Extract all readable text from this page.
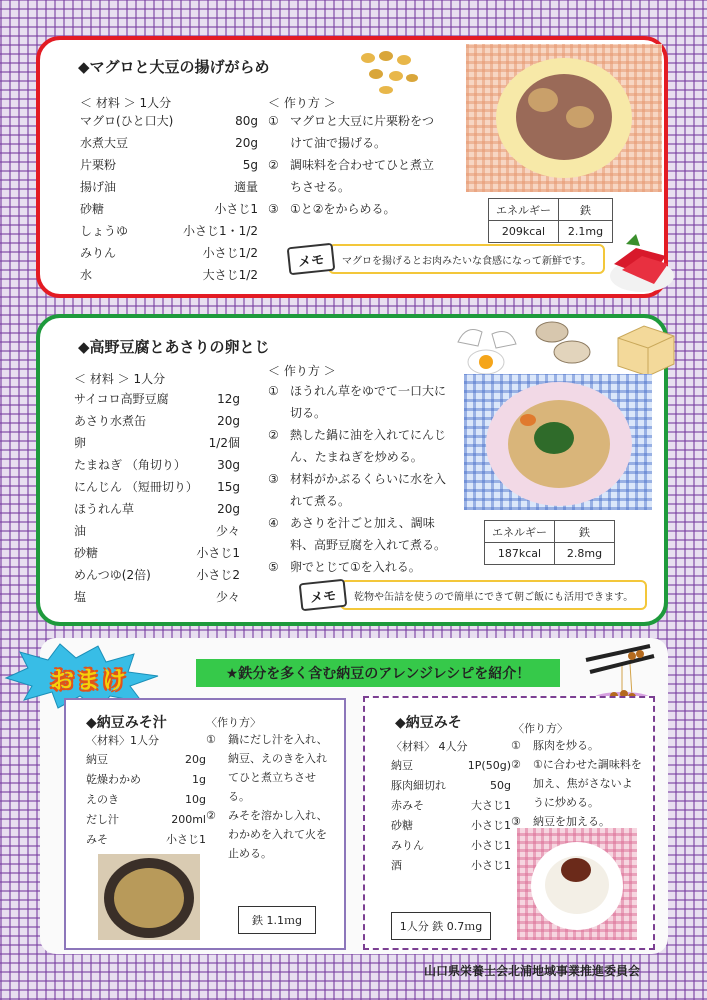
◆マグロと大豆の揚げがらめ
＜ 材料 ＞ 1人分
マグロ(ひと口大)	80g
水煮大豆	20g
片栗粉	5g
揚げ油	適量
砂糖	小さじ1
しょうゆ	小さじ1・1/2
みりん	小さじ1/2
水	大さじ1/2
＜ 作り方 ＞
① マグロと大豆に片栗粉をつけて油で揚げる。
② 調味料を合わせてひと煮立ちさせる。
③ ①と②をからめる。	エネルギー	鉄
209kcal	2.1mg
メモ	マグロを揚げるとお肉みたいな食感になって新鮮です。
◆高野豆腐とあさりの卵とじ
＜ 材料 ＞ 1人分
サイコロ高野豆腐	12g
あさり水煮缶	20g
卵	1/2個
たまねぎ （角切り）	30g
にんじん （短冊切り） 15g
ほうれん草	20g
油	少々
砂糖	小さじ1
めんつゆ(2倍)	小さじ2
塩	少々
＜ 作り方 ＞
① ほうれん草をゆでて一口大に切る。
② 熱した鍋に油を入れてにんじん、たまねぎを炒める。
③ 材料がかぶるくらいに水を入れて煮る。
④ あさりを汁ごと加え、調味料、高野豆腐を入れて煮る。
⑤ 卵でとじて①を入れる。
エネルギー	鉄
187kcal	2.8mg
メモ	乾物や缶詰を使うので簡単にできて朝ご飯にも活用できます。
おまけ	★鉄分を多く含む納豆のアレンジレシピを紹介！
◆納豆みそ汁
〈材料〉1人分
納豆	20g
乾燥わかめ	1g
えのき	10g
だし汁	200ml
みそ	小さじ1
〈作り方〉
①	鍋にだし汁を入れ、納豆、えのきを入れてひと煮立ちさせる。
②	みそを溶かし入れ、わかめを入れて火を止める。
鉄 1.1ｍg
◆納豆みそ
〈材料〉 4人分
納豆	1P(50g)
豚肉細切れ	50g
赤みそ	大さじ1
砂糖	小さじ1
みりん	小さじ1
酒	小さじ1
〈作り方〉
①	豚肉を炒る。
②	①に合わせた調味料を加え、焦がさないように炒める。
③	納豆を加える。
1人分 鉄 0.7ｍg
山口県栄養士会北浦地域事業推進委員会
